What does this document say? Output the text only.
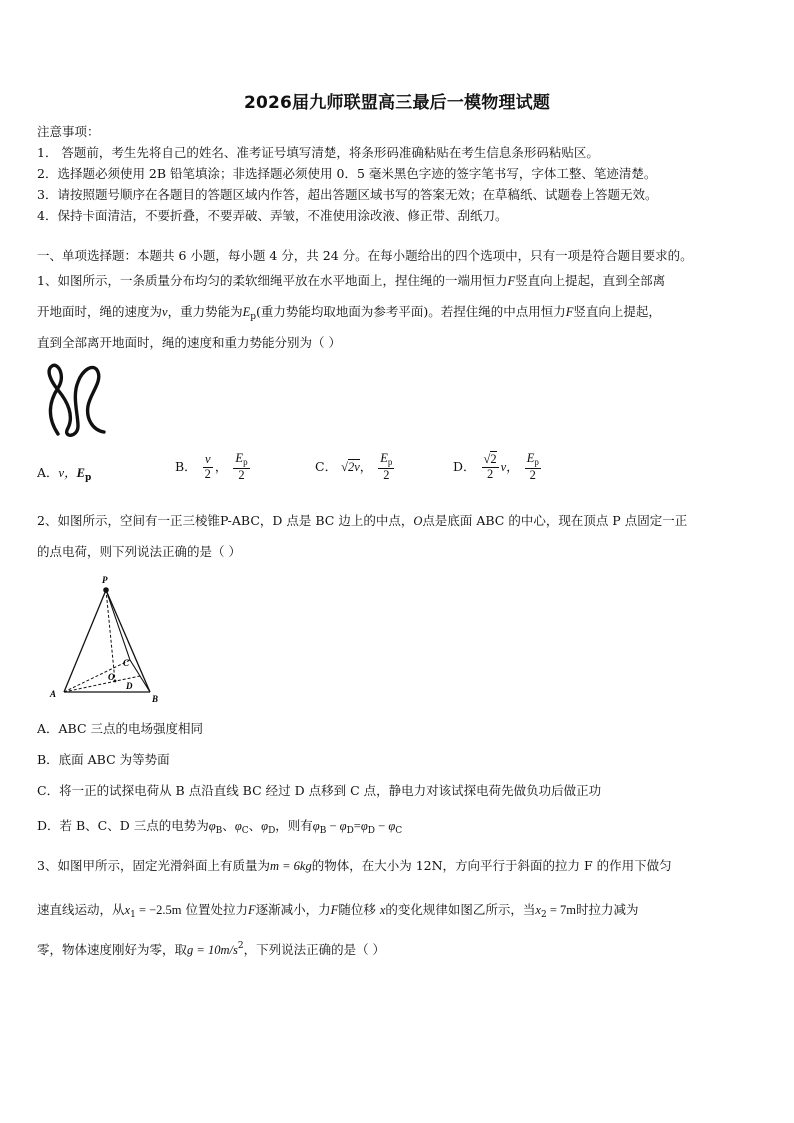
2026届九师联盟高三最后一模物理试题
注意事项：
1． 答题前，考生先将自己的姓名、准考证号填写清楚，将条形码准确粘贴在考生信息条形码粘贴区。
2．选择题必须使用 2B 铅笔填涂；非选择题必须使用 0．5 毫米黑色字迹的签字笔书写，字体工整、笔迹清楚。
3．请按照题号顺序在各题目的答题区域内作答，超出答题区域书写的答案无效；在草稿纸、试题卷上答题无效。
4．保持卡面清洁，不要折叠，不要弄破、弄皱，不准使用涂改液、修正带、刮纸刀。
一、单项选择题：本题共 6 小题，每小题 4 分，共 24 分。在每小题给出的四个选项中，只有一项是符合题目要求的。
1、如图所示，一条质量分布均匀的柔软细绳平放在水平地面上，捏住绳的一端用恒力F竖直向上提起，直到全部离
开地面时，绳的速度为v，重力势能为$E_p$(重力势能均取地面为参考平面)。若捏住绳的中点用恒力F竖直向上提起，
直到全部离开地面时，绳的速度和重力势能分别为（ ）
A．v，$E_p$
B． $\frac{v}{2}$ ， $\frac{E_p}{2}$	C． √2v， $\frac{E_p}{2}$	D． $\frac{√2}{2}$ v， $\frac{E_p}{2}$
2、如图所示，空间有一正三棱锥P-ABC，D 点是 BC 边上的中点，O点是底面 ABC 的中心，现在顶点 P 点固定一正
的点电荷，则下列说法正确的是（ ）
P
A	B
C
D
O
A．ABC 三点的电场强度相同
B．底面 ABC 为等势面
C．将一正的试探电荷从 B 点沿直线 BC 经过 D 点移到 C 点，静电力对该试探电荷先做负功后做正功
D．若 B、C、D 三点的电势为$\varphi_B$、$\varphi_C$、$\varphi_D$，则有$\varphi_B - \varphi_D=\varphi_D - \varphi_C$
3、如图甲所示，固定光滑斜面上有质量为m = 6kg的物体，在大小为 12N，方向平行于斜面的拉力 F 的作用下做匀
速直线运动，从$x_1 = -2.5m$ 位置处拉力F逐渐减小，力F随位移 x的变化规律如图乙所示，当$x_2 = 7m$时拉力减为
零，物体速度刚好为零，取$g = 10m/s^2$，下列说法正确的是（ ）
